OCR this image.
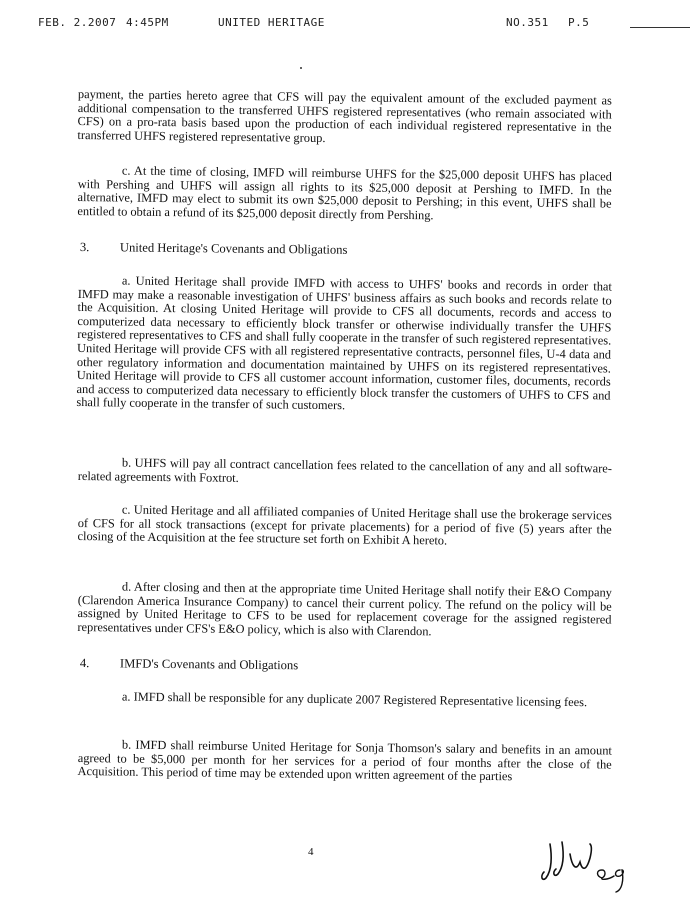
FEB. 2.2007 4:45PM	UNITED HERITAGE	NO.351 P.5
payment, the parties hereto agree that CFS will pay the equivalent amount of the excluded payment as additional compensation to the transferred UHFS registered representatives (who remain associated with CFS) on a pro-rata basis based upon the production of each individual registered representative in the transferred UHFS registered representative group.
c. At the time of closing, IMFD will reimburse UHFS for the $25,000 deposit UHFS has placed with Pershing and UHFS will assign all rights to its $25,000 deposit at Pershing to IMFD. In the alternative, IMFD may elect to submit its own $25,000 deposit to Pershing; in this event, UHFS shall be entitled to obtain a refund of its $25,000 deposit directly from Pershing.
3. United Heritage's Covenants and Obligations
a. United Heritage shall provide IMFD with access to UHFS' books and records in order that IMFD may make a reasonable investigation of UHFS' business affairs as such books and records relate to the Acquisition. At closing United Heritage will provide to CFS all documents, records and access to computerized data necessary to efficiently block transfer or otherwise individually transfer the UHFS registered representatives to CFS and shall fully cooperate in the transfer of such registered representatives. United Heritage will provide CFS with all registered representative contracts, personnel files, U-4 data and other regulatory information and documentation maintained by UHFS on its registered representatives. United Heritage will provide to CFS all customer account information, customer files, documents, records and access to computerized data necessary to efficiently block transfer the customers of UHFS to CFS and shall fully cooperate in the transfer of such customers.
b. UHFS will pay all contract cancellation fees related to the cancellation of any and all software-related agreements with Foxtrot.
c. United Heritage and all affiliated companies of United Heritage shall use the brokerage services of CFS for all stock transactions (except for private placements) for a period of five (5) years after the closing of the Acquisition at the fee structure set forth on Exhibit A hereto.
d. After closing and then at the appropriate time United Heritage shall notify their E&O Company (Clarendon America Insurance Company) to cancel their current policy. The refund on the policy will be assigned by United Heritage to CFS to be used for replacement coverage for the assigned registered representatives under CFS's E&O policy, which is also with Clarendon.
4. IMFD's Covenants and Obligations
a. IMFD shall be responsible for any duplicate 2007 Registered Representative licensing fees.
b. IMFD shall reimburse United Heritage for Sonja Thomson's salary and benefits in an amount agreed to be $5,000 per month for her services for a period of four months after the close of the Acquisition. This period of time may be extended upon written agreement of the parties
4
